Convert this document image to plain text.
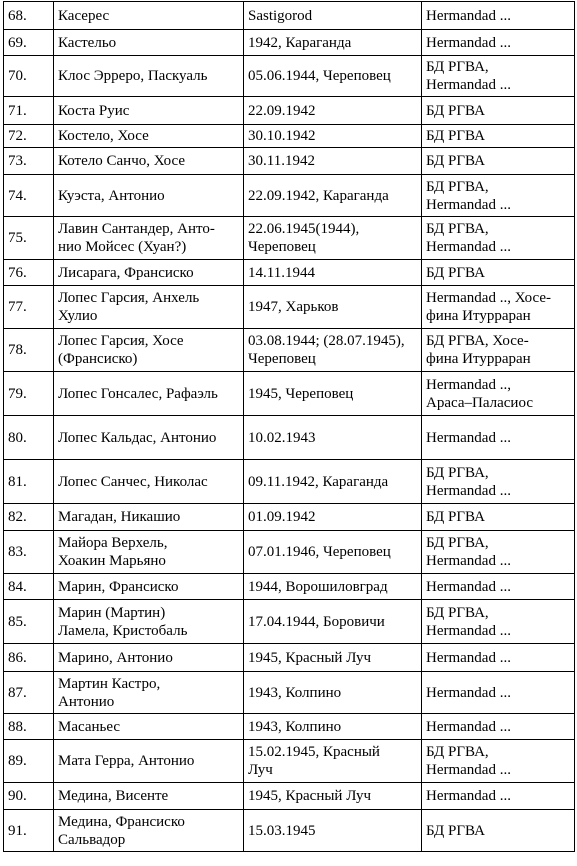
68.	Касерес	Sastigorod	Hermandad ...
69.	Кастельо	1942, Караганда	Hermandad ...
70.	Клос Эрреро, Паскуаль	05.06.1944, Череповец	БД РГВА,
Hermandad ...
71.	Коста Руис	22.09.1942	БД РГВА
72.	Костело, Хосе	30.10.1942	БД РГВА
73.	Котело Санчо, Хосе	30.11.1942	БД РГВА
74.	Куэста, Антонио	22.09.1942, Караганда	БД РГВА,
Hermandad ...
75.	Лавин Сантандер, Анто-
нио Мойсес (Хуан?)	22.06.1945(1944),
Череповец	БД РГВА,
Hermandad ...
76.	Лисарага, Франсиско	14.11.1944	БД РГВА
77.	Лопес Гарсия, Анхель
Хулио	1947, Харьков	Hermandad .., Хосе-
фина Итурраран
78.	Лопес Гарсия, Хосе
(Франсиско)	03.08.1944; (28.07.1945),
Череповец	БД РГВА, Хосе-
фина Итурраран
79.	Лопес Гонсалес, Рафаэль	1945, Череповец	Hermandad ..,
Араса–Паласиос
80.	Лопес Кальдас, Антонио	10.02.1943	Hermandad ...
81.	Лопес Санчес, Николас	09.11.1942, Караганда	БД РГВА,
Hermandad ...
82.	Магадан, Никашио	01.09.1942	БД РГВА
83.	Майора Верхель,
Хоакин Марьяно	07.01.1946, Череповец	БД РГВА,
Hermandad ...
84.	Марин, Франсиско	1944, Ворошиловград	Hermandad ...
85.	Марин (Мартин)
Ламела, Кристобаль	17.04.1944, Боровичи	БД РГВА,
Hermandad ...
86.	Марино, Антонио	1945, Красный Луч	Hermandad ...
87.	Мартин Кастро,
Антонио	1943, Колпино	Hermandad ...
88.	Масаньес	1943, Колпино	Hermandad ...
89.	Мата Герра, Антонио	15.02.1945, Красный
Луч	БД РГВА,
Hermandad ...
90.	Медина, Висенте	1945, Красный Луч	Hermandad ...
91.	Медина, Франсиско
Сальвадор	15.03.1945	БД РГВА
